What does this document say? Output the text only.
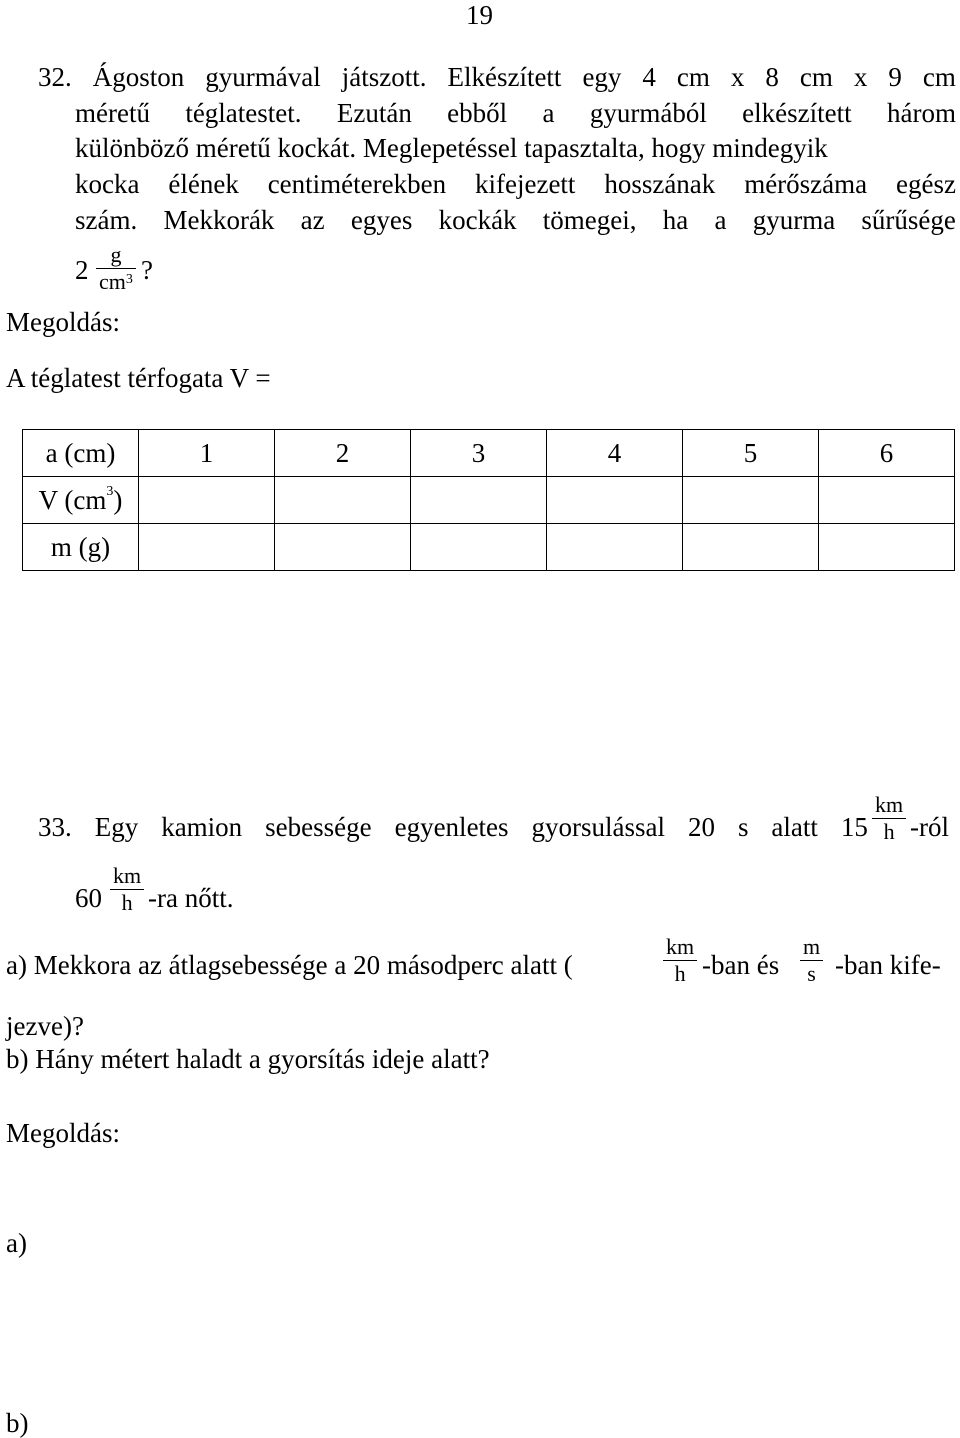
19
32. Ágoston gyurmával játszott. Elkészített egy 4 cm x 8 cm x 9 cm
méretű téglatestet. Ezután ebből a gyurmából elkészített három
különböző méretű kockát. Meglepetéssel tapasztalta, hogy mindegyik
kocka élének centiméterekben kifejezett hosszának mérőszáma egész
szám. Mekkorák az egyes kockák tömegei, ha a gyurma sűrűsége
$2 \frac{g}{cm^3}$ ?
Megoldás:
A téglatest térfogata V =
a (cm)	1	2	3	4	5	6
V $(cm^3)$						
m (g)						
33. Egy kamion sebessége egyenletes gyorsulással 20 s alatt $15 \frac{km}{h}$ -ról
$60 \frac{km}{h} -ra$ nőtt.
a) Mekkora az átlagsebessége a 20 másodperc alatt (	$\frac{km}{h} -ban$ és $\frac{m}{s} -ban$ kife-
jezve)?
b) Hány métert haladt a gyorsítás ideje alatt?
Megoldás:
a)
b)
